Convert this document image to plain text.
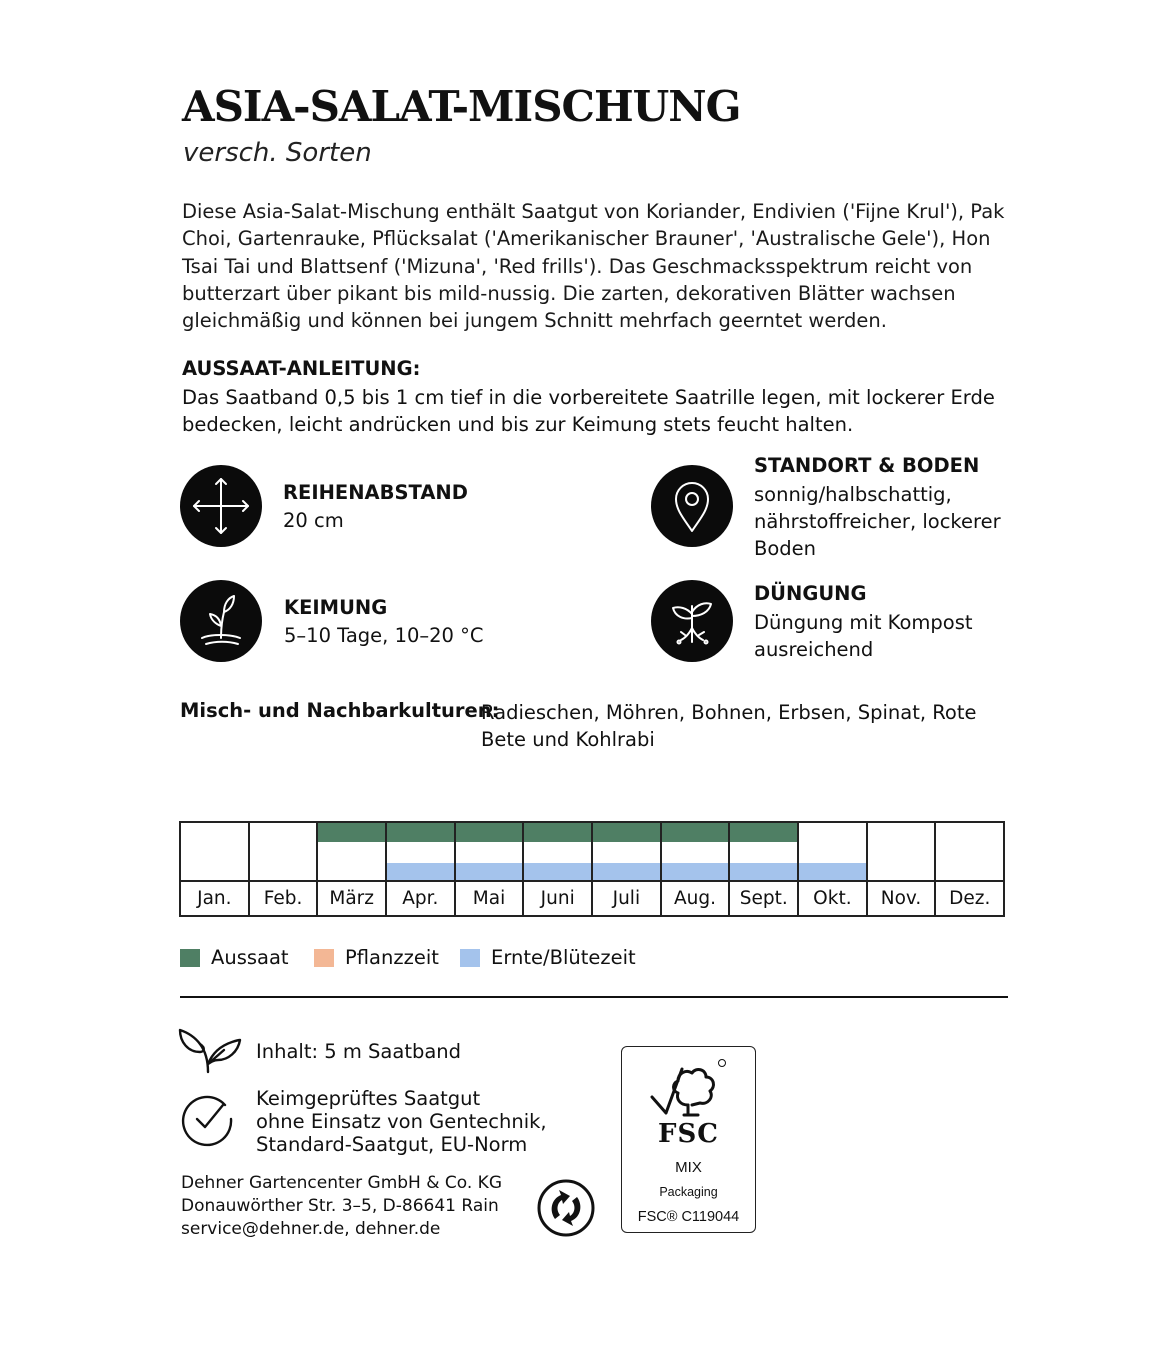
ASIA-SALAT-MISCHUNG
versch. Sorten
Diese Asia-Salat-Mischung enthält Saatgut von Koriander, Endivien ('Fijne Krul'), Pak Choi, Gartenrauke, Pflücksalat ('Amerikanischer Brauner', 'Australische Gele'), Hon Tsai Tai und Blattsenf ('Mizuna', 'Red frills'). Das Geschmacksspektrum reicht von butterzart über pikant bis mild-nussig. Die zarten, dekorativen Blätter wachsen gleichmäßig und können bei jungem Schnitt mehrfach geerntet werden.
AUSSAAT-ANLEITUNG:
Das Saatband 0,5 bis 1 cm tief in die vorbereitete Saatrille legen, mit lockerer Erde bedecken, leicht andrücken und bis zur Keimung stets feucht halten.
REIHENABSTAND
20 cm
STANDORT & BODEN
sonnig/halbschattig, nährstoffreicher, lockerer Boden
KEIMUNG
5–10 Tage, 10–20 °C
DÜNGUNG
Düngung mit Kompost ausreichend
Misch- und Nachbarkulturen:
Radieschen, Möhren, Bohnen, Erbsen, Spinat, Rote Bete und Kohlrabi
Jan.	Feb.	März	Apr.	Mai	Juni	Juli	Aug.	Sept.	Okt.	Nov.	Dez.
Aussaat	Pflanzzeit	Ernte/Blütezeit
Inhalt: 5 m Saatband
Keimgeprüftes Saatgut
ohne Einsatz von Gentechnik,
Standard-Saatgut, EU-Norm
Dehner Gartencenter GmbH & Co. KG
Donauwörther Str. 3–5, D-86641 Rain
service@dehner.de, dehner.de
FSC
MIX
Packaging
FSC® C119044
